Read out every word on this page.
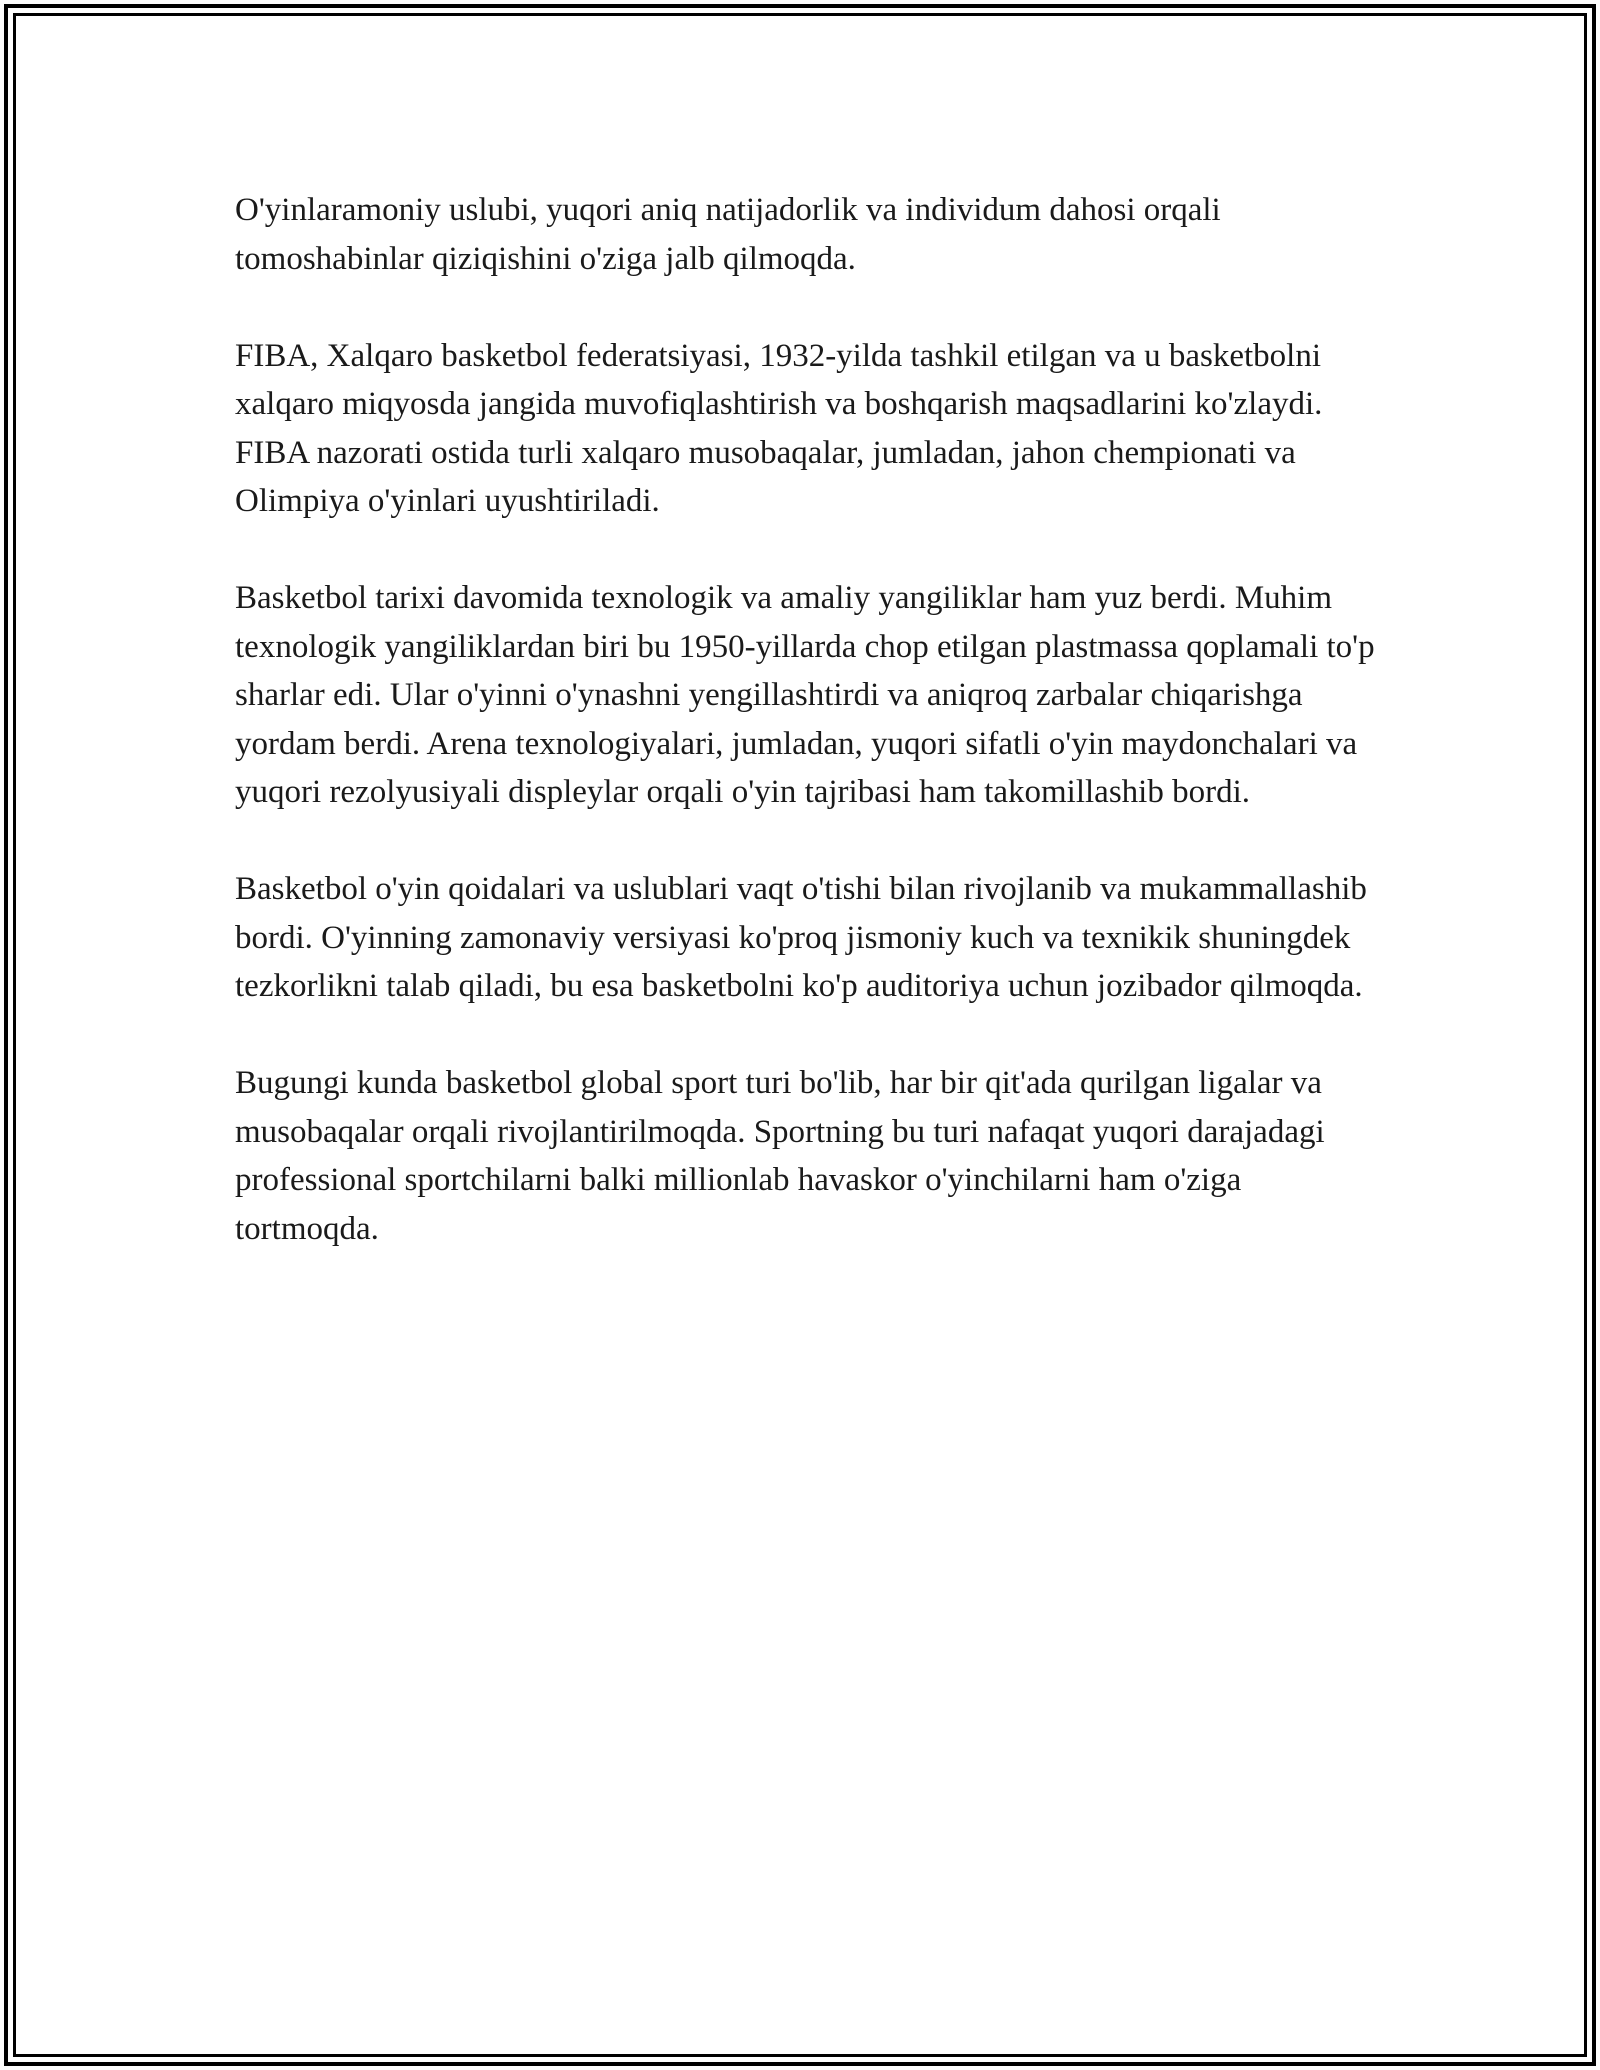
O'yinlaramoniy uslubi, yuqori aniq natijadorlik va individum dahosi orqali tomoshabinlar qiziqishini o'ziga jalb qilmoqda.

FIBA, Xalqaro basketbol federatsiyasi, 1932-yilda tashkil etilgan va u basketbolni xalqaro miqyosda jangida muvofiqlashtirish va boshqarish maqsadlarini ko'zlaydi. FIBA nazorati ostida turli xalqaro musobaqalar, jumladan, jahon chempionati va Olimpiya o'yinlari uyushtiriladi.

Basketbol tarixi davomida texnologik va amaliy yangiliklar ham yuz berdi. Muhim texnologik yangiliklardan biri bu 1950-yillarda chop etilgan plastmassa qoplamali to'p sharlar edi. Ular o'yinni o'ynashni yengillashtirdi va aniqroq zarbalar chiqarishga yordam berdi. Arena texnologiyalari, jumladan, yuqori sifatli o'yin maydonchalari va yuqori rezolyusiyali displeylar orqali o'yin tajribasi ham takomillashib bordi.

Basketbol o'yin qoidalari va uslublari vaqt o'tishi bilan rivojlanib va mukammallashib bordi. O'yinning zamonaviy versiyasi ko'proq jismoniy kuch va texnikik shuningdek tezkorlikni talab qiladi, bu esa basketbolni ko'p auditoriya uchun jozibador qilmoqda.

Bugungi kunda basketbol global sport turi bo'lib, har bir qit'ada qurilgan ligalar va musobaqalar orqali rivojlantirilmoqda. Sportning bu turi nafaqat yuqori darajadagi professional sportchilarni balki millionlab havaskor o'yinchilarni ham o'ziga tortmoqda.
